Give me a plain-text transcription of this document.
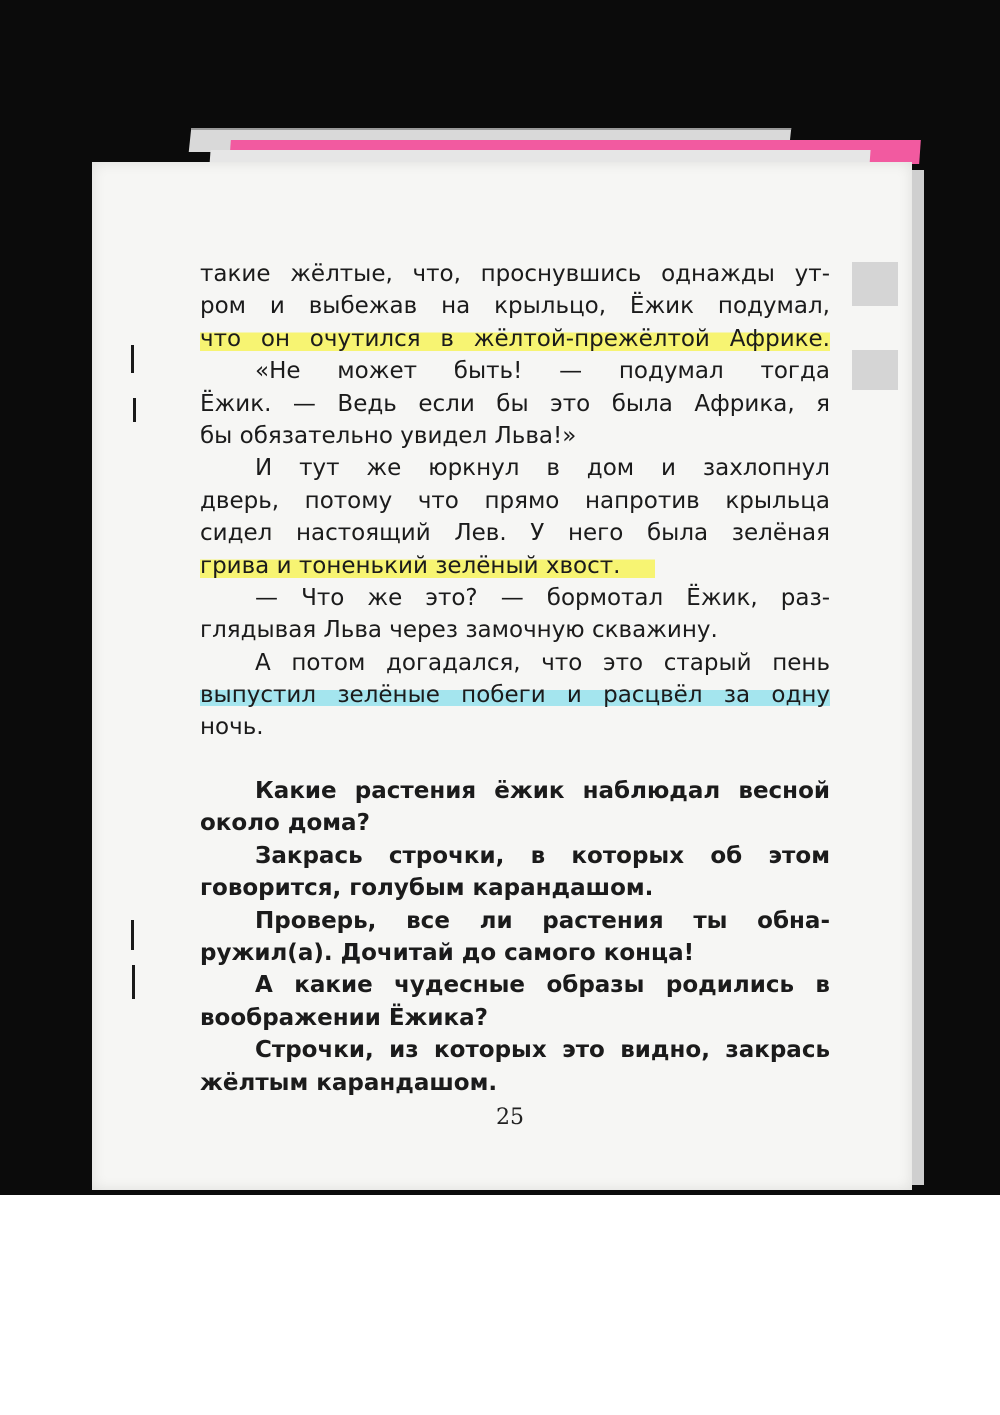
такие жёлтые, что, проснувшись однажды ут-
ром и выбежав на крыльцо, Ёжик подумал,
что он очутился в жёлтой-прежёлтой Африке.
«Не может быть! — подумал тогда
Ёжик. — Ведь если бы это была Африка, я
бы обязательно увидел Льва!»
И тут же юркнул в дом и захлопнул
дверь, потому что прямо напротив крыльца
сидел настоящий Лев. У него была зелёная
грива и тоненький зелёный хвост.
— Что же это? — бормотал Ёжик, раз-
глядывая Льва через замочную скважину.
А потом догадался, что это старый пень
выпустил зелёные побеги и расцвёл за одну
ночь.
Какие растения ёжик наблюдал весной
около дома?
Закрась строчки, в которых об этом
говорится, голубым карандашом.
Проверь, все ли растения ты обна-
ружил(а). Дочитай до самого конца!
А какие чудесные образы родились в
воображении Ёжика?
Строчки, из которых это видно, закрась
жёлтым карандашом.
25
